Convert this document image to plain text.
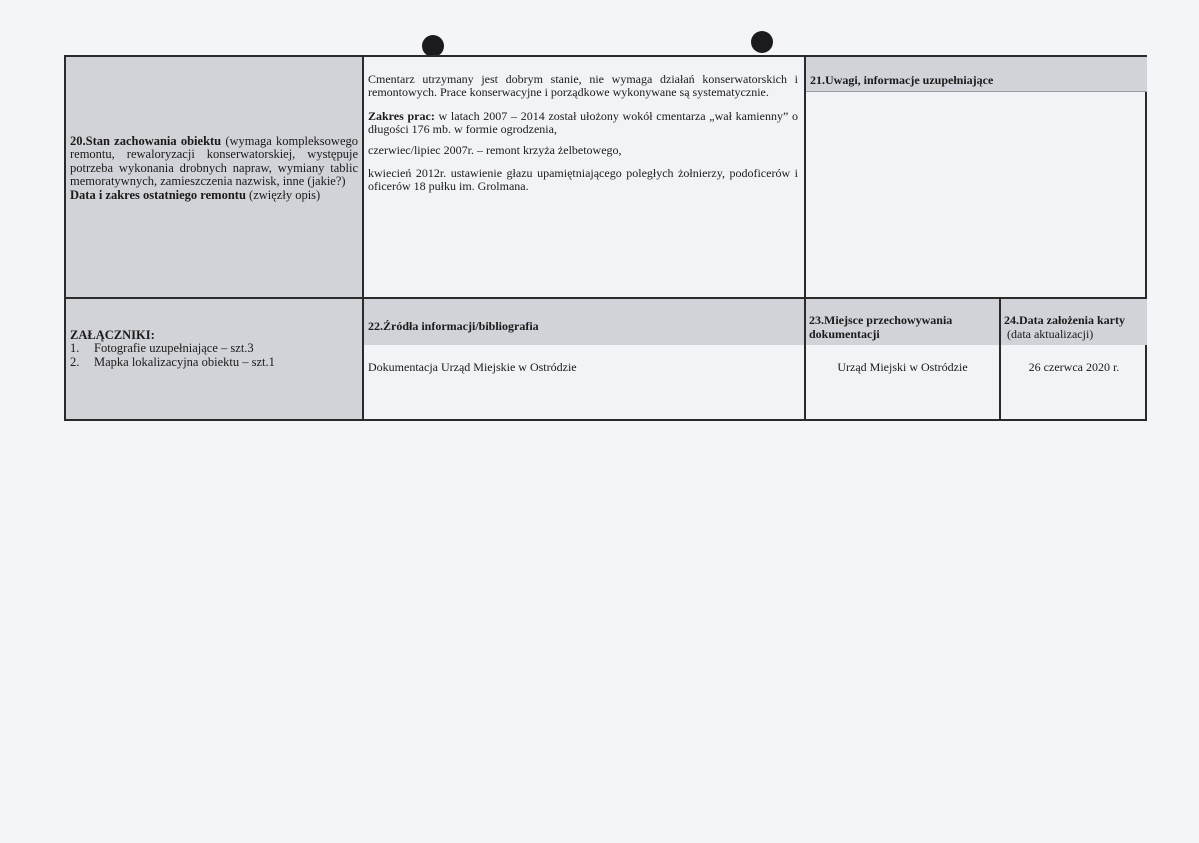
20.Stan zachowania obiektu (wymaga kompleksowego remontu, rewaloryzacji konserwatorskiej, występuje potrzeba wykonania drobnych napraw, wymiany tablic memoratywnych, zamieszczenia nazwisk, inne (jakie?)
Data i zakres ostatniego remontu (zwięzły opis)

Cmentarz utrzymany jest dobrym stanie, nie wymaga działań konserwatorskich i remontowych. Prace konserwacyjne i porządkowe wykonywane są systematycznie.

Zakres prac: w latach 2007 – 2014 został ułożony wokół cmentarza „wał kamienny” o długości 176 mb. w formie ogrodzenia,

czerwiec/lipiec 2007r. – remont krzyża żelbetowego,

kwiecień 2012r. ustawienie głazu upamiętniającego poległych żołnierzy, podoficerów i oficerów 18 pułku im. Grolmana.

21.Uwagi, informacje uzupełniające
ZAŁĄCZNIKI:
1. Fotografie uzupełniające – szt.3
2. Mapka lokalizacyjna obiektu – szt.1
22.Źródła informacji/bibliografia
Dokumentacja Urząd Miejskie w Ostródzie
23.Miejsce przechowywania dokumentacji
Urząd Miejski w Ostródzie
24.Data założenia karty
(data aktualizacji)
26 czerwca 2020 r.
